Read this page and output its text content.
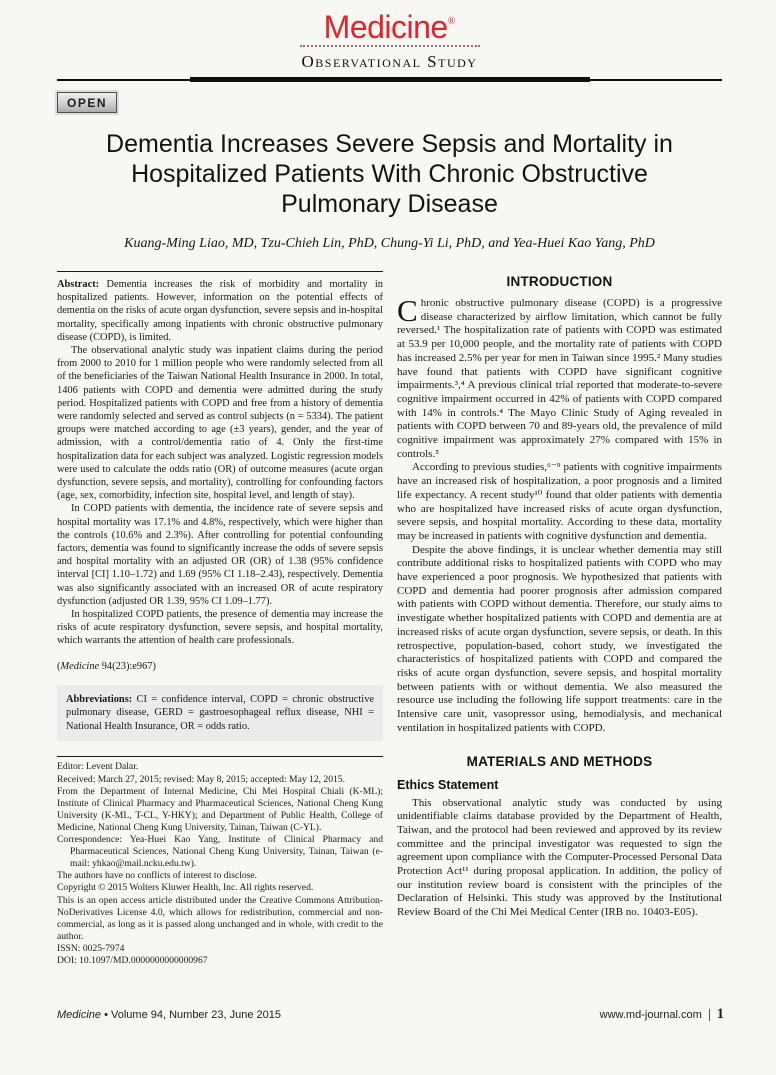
Medicine®
Observational Study
OPEN
Dementia Increases Severe Sepsis and Mortality in
Hospitalized Patients With Chronic Obstructive
Pulmonary Disease
Kuang-Ming Liao, MD, Tzu-Chieh Lin, PhD, Chung-Yi Li, PhD, and Yea-Huei Kao Yang, PhD

Abstract: Dementia increases the risk of morbidity and mortality in hospitalized patients. However, information on the potential effects of dementia on the risks of acute organ dysfunction, severe sepsis and in-hospital mortality, specifically among inpatients with chronic obstructive pulmonary disease (COPD), is limited.

The observational analytic study was inpatient claims during the period from 2000 to 2010 for 1 million people who were randomly selected from all of the beneficiaries of the Taiwan National Health Insurance in 2000. In total, 1406 patients with COPD and dementia were admitted during the study period. Hospitalized patients with COPD and free from a history of dementia were randomly selected and served as control subjects (n = 5334). The patient groups were matched according to age (±3 years), gender, and the year of admission, with a control/dementia ratio of 4. Only the first-time hospitalization data for each subject was analyzed. Logistic regression models were used to calculate the odds ratio (OR) of outcome measures (acute organ dysfunction, severe sepsis, and mortality), controlling for confounding factors (age, sex, comorbidity, infection site, hospital level, and length of stay).

In COPD patients with dementia, the incidence rate of severe sepsis and hospital mortality was 17.1% and 4.8%, respectively, which were higher than the controls (10.6% and 2.3%). After controlling for potential confounding factors, dementia was found to significantly increase the odds of severe sepsis and hospital mortality with an adjusted OR (OR) of 1.38 (95% confidence interval [CI] 1.10–1.72) and 1.69 (95% CI 1.18–2.43), respectively. Dementia was also significantly associated with an increased OR of acute respiratory dysfunction (adjusted OR 1.39, 95% CI 1.09–1.77).

In hospitalized COPD patients, the presence of dementia may increase the risks of acute respiratory dysfunction, severe sepsis, and hospital mortality, which warrants the attention of health care professionals.

(Medicine 94(23):e967)
Abbreviations: CI = confidence interval, COPD = chronic obstructive pulmonary disease, GERD = gastroesophageal reflux disease, NHI = National Health Insurance, OR = odds ratio.

Editor: Levent Dalar.

Received: March 27, 2015; revised: May 8, 2015; accepted: May 12, 2015.

From the Department of Internal Medicine, Chi Mei Hospital Chiali (K-ML); Institute of Clinical Pharmacy and Pharmaceutical Sciences, National Cheng Kung University (K-ML, T-CL, Y-HKY); and Department of Public Health, College of Medicine, National Cheng Kung University, Tainan, Taiwan (C-YL).

Correspondence: Yea-Huei Kao Yang, Institute of Clinical Pharmacy and Pharmaceutical Sciences, National Cheng Kung University, Tainan, Taiwan (e-mail: yhkao@mail.ncku.edu.tw).

The authors have no conflicts of interest to disclose.

Copyright © 2015 Wolters Kluwer Health, Inc. All rights reserved.

This is an open access article distributed under the Creative Commons Attribution-NoDerivatives License 4.0, which allows for redistribution, commercial and non-commercial, as long as it is passed along unchanged and in whole, with credit to the author.

ISSN: 0025-7974

DOI: 10.1097/MD.0000000000000967

INTRODUCTION

Chronic obstructive pulmonary disease (COPD) is a progressive disease characterized by airflow limitation, which cannot be fully reversed.¹ The hospitalization rate of patients with COPD was estimated at 53.9 per 10,000 people, and the mortality rate of patients with COPD has increased 2.5% per year for men in Taiwan since 1995.² Many studies have found that patients with COPD have significant cognitive impairments.³,⁴ A previous clinical trial reported that moderate-to-severe cognitive impairment occurred in 42% of patients with COPD compared with 14% in controls.⁴ The Mayo Clinic Study of Aging revealed in patients with COPD between 70 and 89-years old, the prevalence of mild cognitive impairment was approximately 27% compared with 15% in controls.⁵

According to previous studies,⁶⁻⁹ patients with cognitive impairments have an increased risk of hospitalization, a poor prognosis and a limited life expectancy. A recent study¹⁰ found that older patients with dementia who are hospitalized have increased risks of acute organ dysfunction, severe sepsis, and hospital mortality. According to these data, mortality may be increased in patients with cognitive dysfunction and dementia.

Despite the above findings, it is unclear whether dementia may still contribute additional risks to hospitalized patients with COPD who may have experienced a poor prognosis. We hypothesized that patients with COPD and dementia had poorer prognosis after admission compared with patients with COPD without dementia. Therefore, our study aims to investigate whether hospitalized patients with COPD and dementia are at increased risks of acute organ dysfunction, severe sepsis, or death. In this retrospective, population-based, cohort study, we investigated the characteristics of hospitalized patients with COPD and compared the risks of acute organ dysfunction, severe sepsis, and hospital mortality between patients with or without dementia. We also measured the resource use including the following life support treatments: care in the Intensive care unit, vasopressor using, hemodialysis, and mechanical ventilation in hospitalized patients with COPD.

MATERIALS AND METHODS
Ethics Statement

This observational analytic study was conducted by using unidentifiable claims database provided by the Department of Health, Taiwan, and the protocol had been reviewed and approved by its review committee and the principal investigator was requested to sign the agreement upon compliance with the Computer-Processed Personal Data Protection Act¹¹ during proposal application. In addition, the policy of our institution review board is consistent with the principles of the Declaration of Helsinki. This study was approved by the Institutional Review Board of the Chi Mei Medical Center (IRB no. 10403-E05).

Medicine • Volume 94, Number 23, June 2015	www.md-journal.com 1
